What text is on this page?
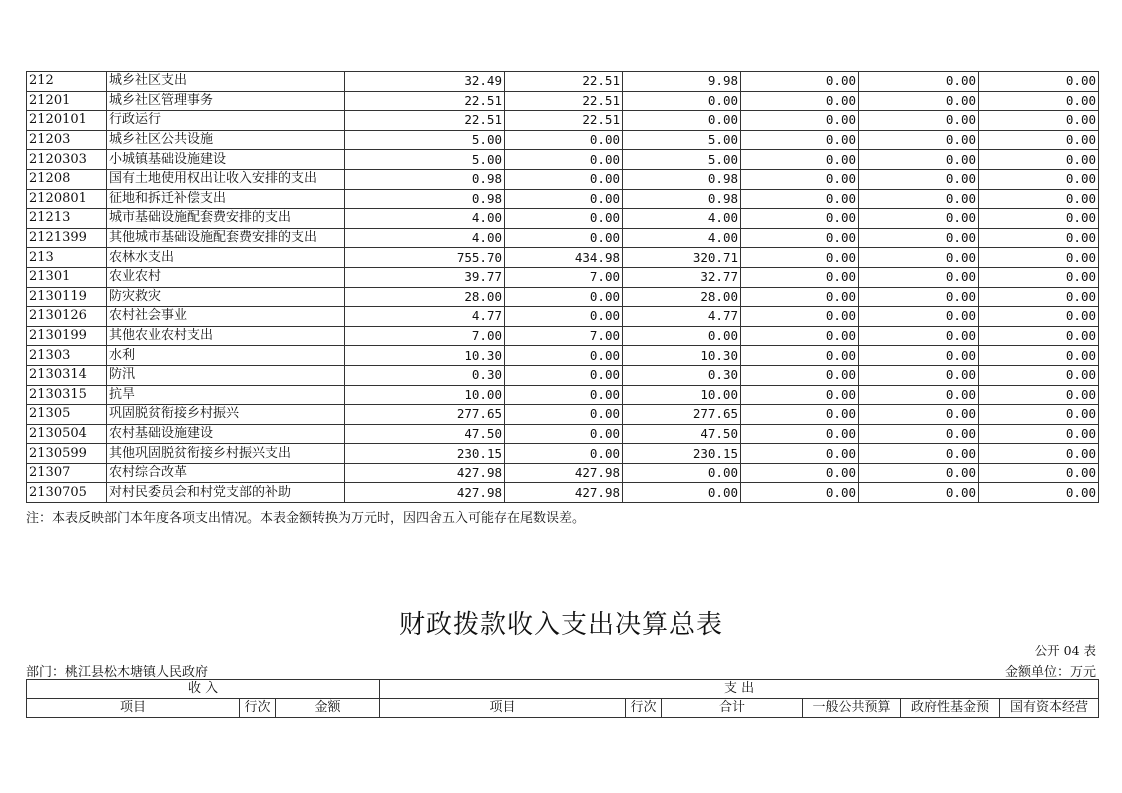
212	城乡社区支出	32.49	22.51	9.98	0.00	0.00	0.00
21201	城乡社区管理事务	22.51	22.51	0.00	0.00	0.00	0.00
2120101	行政运行	22.51	22.51	0.00	0.00	0.00	0.00
21203	城乡社区公共设施	5.00	0.00	5.00	0.00	0.00	0.00
2120303	小城镇基础设施建设	5.00	0.00	5.00	0.00	0.00	0.00
21208	国有土地使用权出让收入安排的支出	0.98	0.00	0.98	0.00	0.00	0.00
2120801	征地和拆迁补偿支出	0.98	0.00	0.98	0.00	0.00	0.00
21213	城市基础设施配套费安排的支出	4.00	0.00	4.00	0.00	0.00	0.00
2121399	其他城市基础设施配套费安排的支出	4.00	0.00	4.00	0.00	0.00	0.00
213	农林水支出	755.70	434.98	320.71	0.00	0.00	0.00
21301	农业农村	39.77	7.00	32.77	0.00	0.00	0.00
2130119	防灾救灾	28.00	0.00	28.00	0.00	0.00	0.00
2130126	农村社会事业	4.77	0.00	4.77	0.00	0.00	0.00
2130199	其他农业农村支出	7.00	7.00	0.00	0.00	0.00	0.00
21303	水利	10.30	0.00	10.30	0.00	0.00	0.00
2130314	防汛	0.30	0.00	0.30	0.00	0.00	0.00
2130315	抗旱	10.00	0.00	10.00	0.00	0.00	0.00
21305	巩固脱贫衔接乡村振兴	277.65	0.00	277.65	0.00	0.00	0.00
2130504	农村基础设施建设	47.50	0.00	47.50	0.00	0.00	0.00
2130599	其他巩固脱贫衔接乡村振兴支出	230.15	0.00	230.15	0.00	0.00	0.00
21307	农村综合改革	427.98	427.98	0.00	0.00	0.00	0.00
2130705	对村民委员会和村党支部的补助	427.98	427.98	0.00	0.00	0.00	0.00
注：本表反映部门本年度各项支出情况。本表金额转换为万元时，因四舍五入可能存在尾数误差。
财政拨款收入支出决算总表
公开 04 表
部门：桃江县松木塘镇人民政府	金额单位：万元
收 入			支 出					
项目	行次	金额	项目	行次	合计	一般公共预算	政府性基金预	国有资本经营
